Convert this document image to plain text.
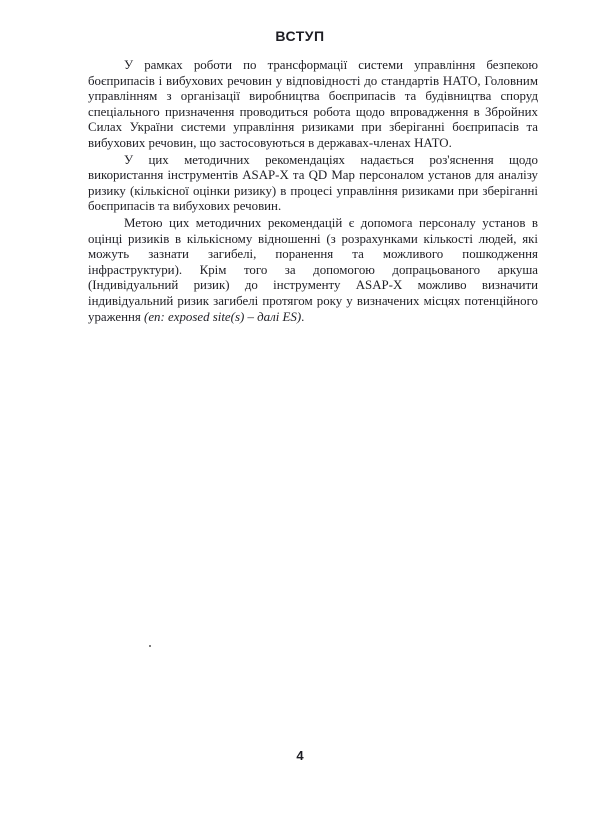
ВСТУП

У рамках роботи по трансформації системи управління безпекою боєприпасів і вибухових речовин у відповідності до стандартів НАТО, Головним управлінням з організації виробництва боєприпасів та будівництва споруд спеціального призначення проводиться робота щодо впровадження в Збройних Силах України системи управління ризиками при зберіганні боєприпасів та вибухових речовин, що застосовуються в державах-членах НАТО.

У цих методичних рекомендаціях надається роз'яснення щодо використання інструментів ASAP-X та QD Map персоналом установ для аналізу ризику (кількісної оцінки ризику) в процесі управління ризиками при зберіганні боєприпасів та вибухових речовин.

Метою цих методичних рекомендацій є допомога персоналу установ в оцінці ризиків в кількісному відношенні (з розрахунками кількості людей, які можуть зазнати загибелі, поранення та можливого пошкодження інфраструктури). Крім того за допомогою допрацьованого аркуша (Індивідуальний ризик) до інструменту ASAP-X можливо визначити індивідуальний ризик загибелі протягом року у визначених місцях потенційного ураження (en: exposed site(s) – далі ES).

4
